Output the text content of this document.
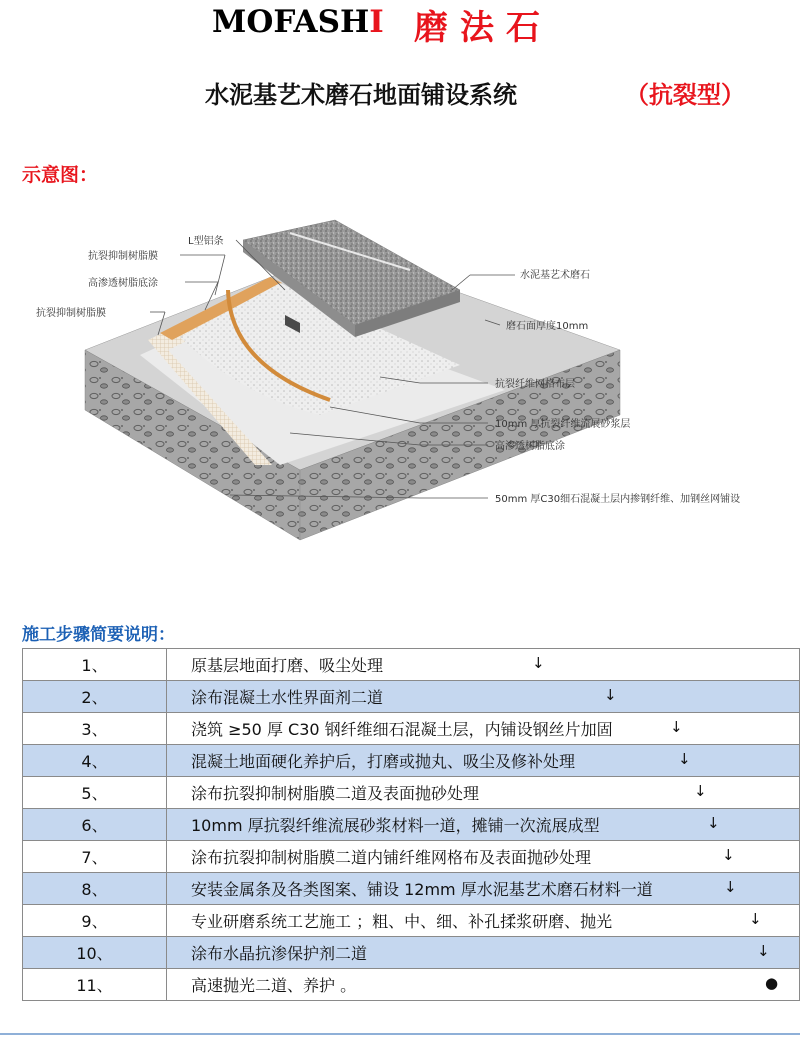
MOFASHI 磨法石
水泥基艺术磨石地面铺设系统	（抗裂型）
示意图：
L型铝条
抗裂抑制树脂膜
高渗透树脂底涂
抗裂抑制树脂膜
水泥基艺术磨石
磨石面厚度10mm
抗裂纤维网格布层
10mm 厚抗裂纤维流展砂浆层
高渗透树脂底涂
50mm 厚C30细石混凝土层内掺钢纤维、加钢丝网铺设
施工步骤简要说明：
1、	原基层地面打磨、吸尘处理 ↓

2、	涂布混凝土水性界面剂二道 ↓

3、	浇筑 ≥50 厚 C30 钢纤维细石混凝土层，内铺设钢丝片加固 ↓

4、	混凝土地面硬化养护后，打磨或抛丸、吸尘及修补处理 ↓

5、	涂布抗裂抑制树脂膜二道及表面抛砂处理 ↓

6、	10mm 厚抗裂纤维流展砂浆材料一道，摊铺一次流展成型 ↓

7、	涂布抗裂抑制树脂膜二道内铺纤维网格布及表面抛砂处理 ↓

8、	安装金属条及各类图案、铺设 12mm 厚水泥基艺术磨石材料一道 ↓

9、	专业研磨系统工艺施工 ；粗、中、细、补孔揉浆研磨、抛光 ↓

10、	涂布水晶抗渗保护剂二道 ↓

11、	高速抛光二道、养护 。 ●
